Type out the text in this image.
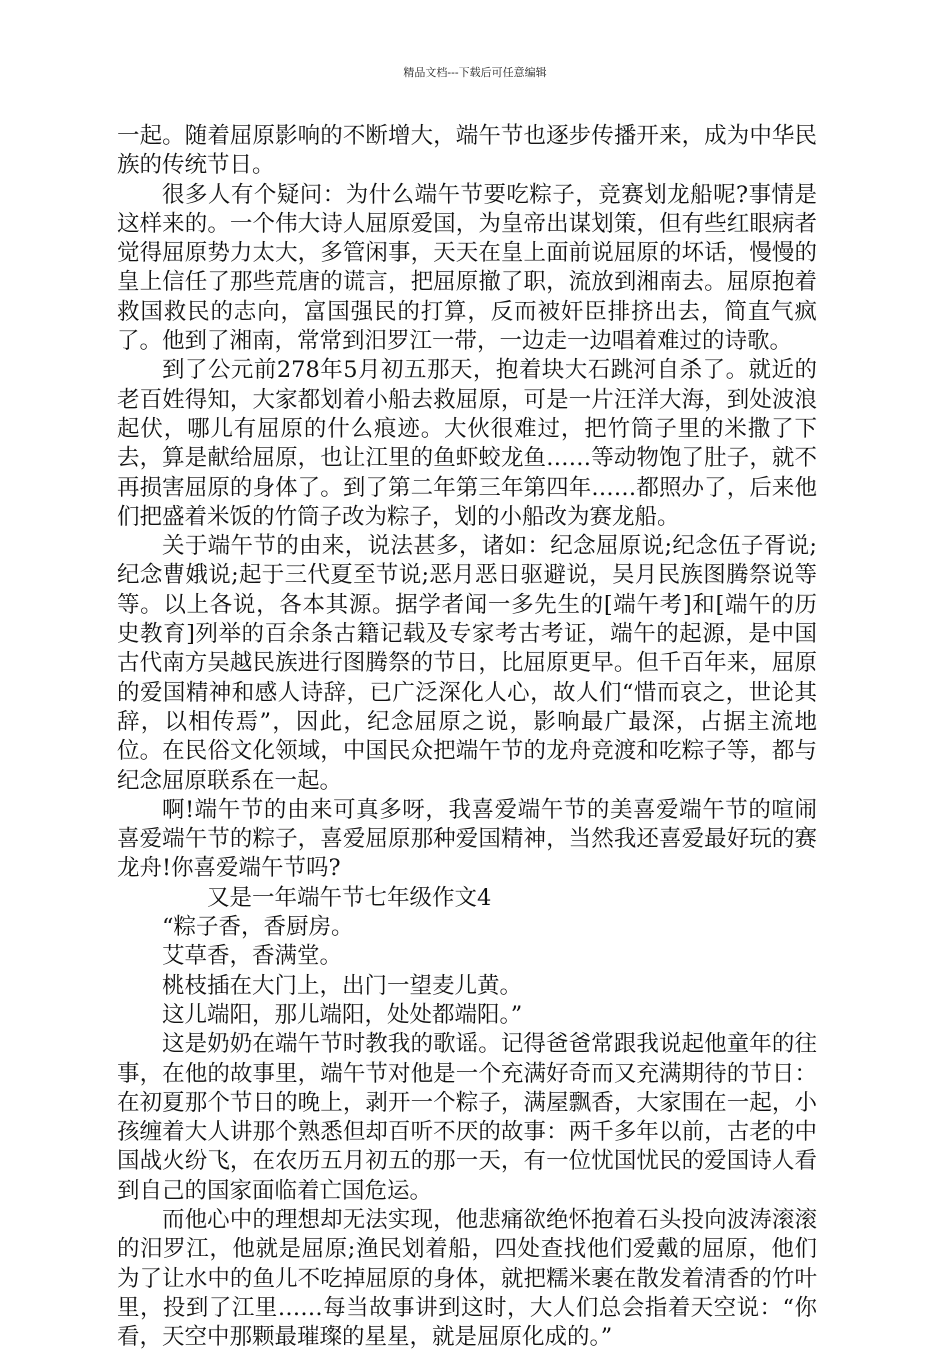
精品文档---下载后可任意编辑

一起。随着屈原影响的不断增大，端午节也逐步传播开来，成为中华民族的传统节日。

很多人有个疑问：为什么端午节要吃粽子，竞赛划龙船呢?事情是这样来的。一个伟大诗人屈原爱国，为皇帝出谋划策，但有些红眼病者觉得屈原势力太大，多管闲事，天天在皇上面前说屈原的坏话，慢慢的皇上信任了那些荒唐的谎言，把屈原撤了职，流放到湘南去。屈原抱着救国救民的志向，富国强民的打算，反而被奸臣排挤出去，简直气疯了。他到了湘南，常常到汨罗江一带，一边走一边唱着难过的诗歌。

到了公元前278年5月初五那天，抱着块大石跳河自杀了。就近的老百姓得知，大家都划着小船去救屈原，可是一片汪洋大海，到处波浪起伏，哪儿有屈原的什么痕迹。大伙很难过，把竹筒子里的米撒了下去，算是献给屈原，也让江里的鱼虾蛟龙鱼……等动物饱了肚子，就不再损害屈原的身体了。到了第二年第三年第四年……都照办了，后来他们把盛着米饭的竹筒子改为粽子，划的小船改为赛龙船。

关于端午节的由来，说法甚多，诸如：纪念屈原说;纪念伍子胥说;纪念曹娥说;起于三代夏至节说;恶月恶日驱避说，吴月民族图腾祭说等等。以上各说，各本其源。据学者闻一多先生的[端午考]和[端午的历史教育]列举的百余条古籍记载及专家考古考证，端午的起源，是中国古代南方吴越民族进行图腾祭的节日，比屈原更早。但千百年来，屈原的爱国精神和感人诗辞，已广泛深化人心，故人们“惜而哀之，世论其辞，以相传焉”，因此，纪念屈原之说，影响最广最深，占据主流地位。在民俗文化领域，中国民众把端午节的龙舟竞渡和吃粽子等，都与纪念屈原联系在一起。

啊!端午节的由来可真多呀，我喜爱端午节的美喜爱端午节的喧闹喜爱端午节的粽子，喜爱屈原那种爱国精神，当然我还喜爱最好玩的赛龙舟!你喜爱端午节吗?

又是一年端午节七年级作文4

“粽子香，香厨房。

艾草香，香满堂。

桃枝插在大门上，出门一望麦儿黄。

这儿端阳，那儿端阳，处处都端阳。”

这是奶奶在端午节时教我的歌谣。记得爸爸常跟我说起他童年的往事，在他的故事里，端午节对他是一个充满好奇而又充满期待的节日：在初夏那个节日的晚上，剥开一个粽子，满屋飘香，大家围在一起，小孩缠着大人讲那个熟悉但却百听不厌的故事：两千多年以前，古老的中国战火纷飞，在农历五月初五的那一天，有一位忧国忧民的爱国诗人看到自己的国家面临着亡国危运。

而他心中的理想却无法实现，他悲痛欲绝怀抱着石头投向波涛滚滚的汨罗江，他就是屈原;渔民划着船，四处查找他们爱戴的屈原，他们为了让水中的鱼儿不吃掉屈原的身体，就把糯米裹在散发着清香的竹叶里，投到了江里……每当故事讲到这时，大人们总会指着天空说：“你看，天空中那颗最璀璨的星星，就是屈原化成的。”
